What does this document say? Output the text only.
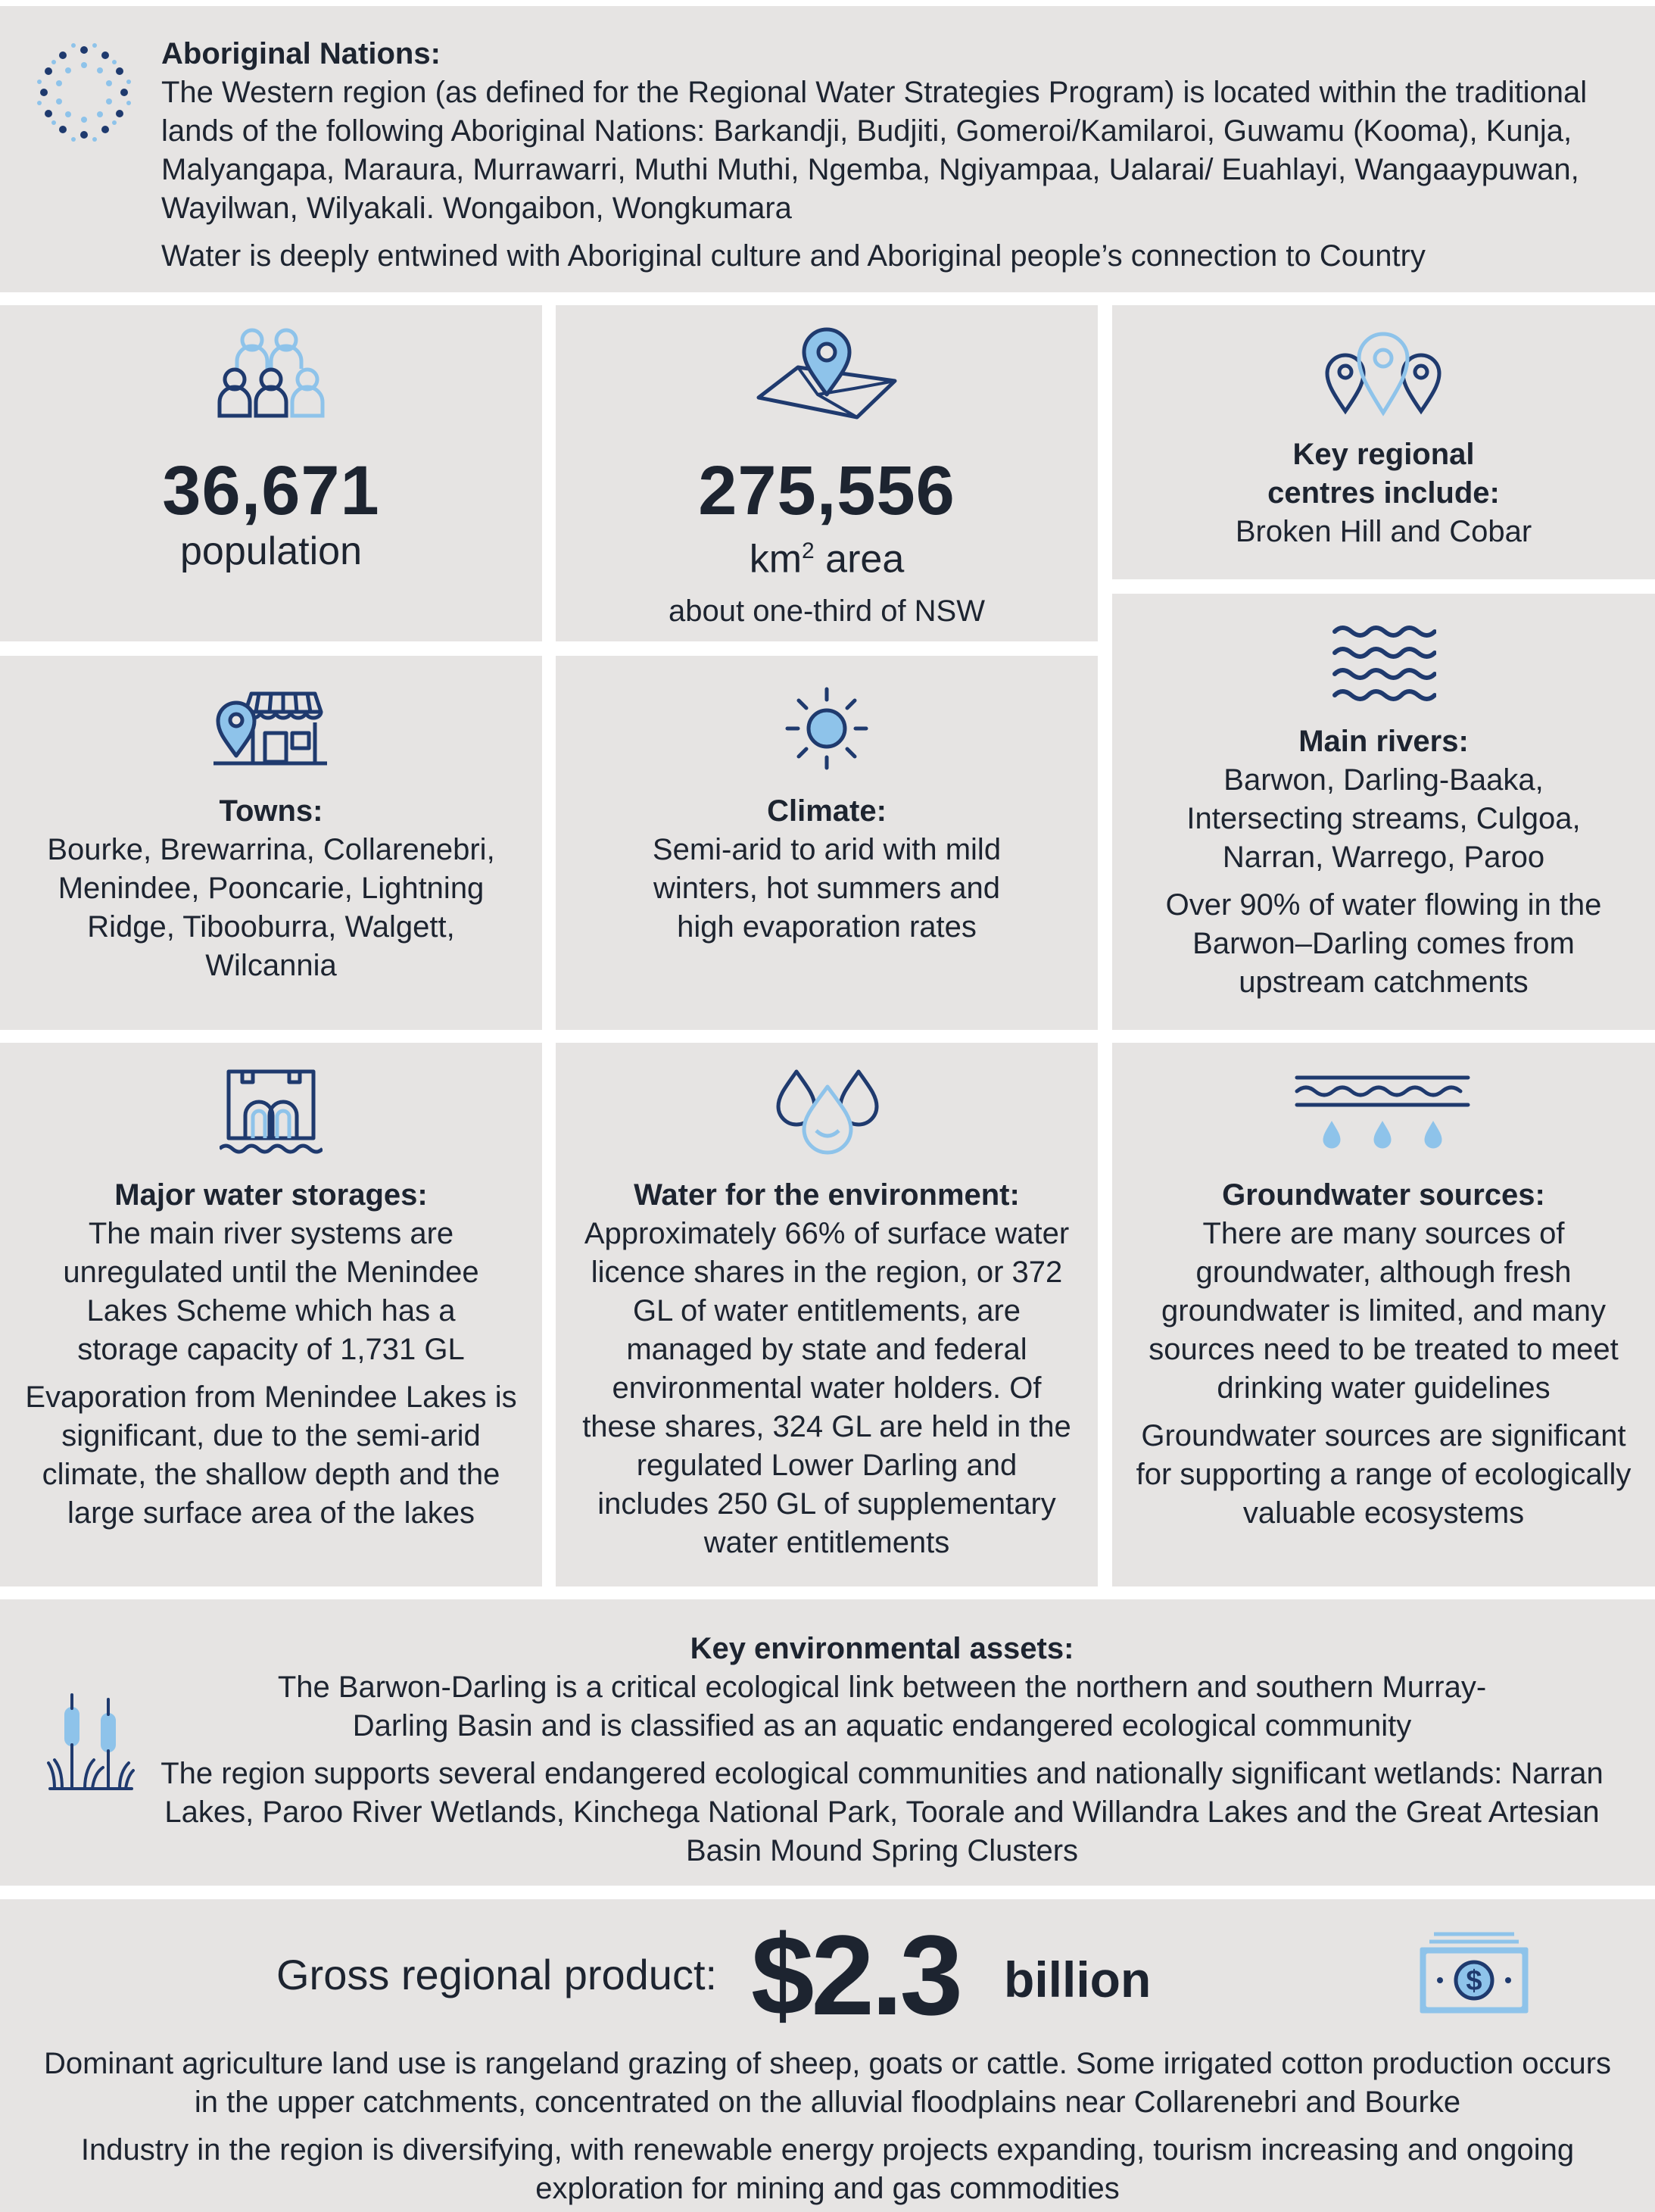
Aboriginal Nations:

The Western region (as defined for the Regional Water Strategies Program) is located within the traditional lands of the following Aboriginal Nations: Barkandji, Budjiti, Gomeroi/Kamilaroi, Guwamu (Kooma), Kunja, Malyangapa, Maraura, Murrawarri, Muthi Muthi, Ngemba, Ngiyampaa, Ualarai/ Euahlayi, Wangaaypuwan, Wayilwan, Wilyakali. Wongaibon, Wongkumara

Water is deeply entwined with Aboriginal culture and Aboriginal people’s connection to Country

36,671
population
275,556
$km^2$ area
about one-third of NSW

Key regional

centres include:

Broken Hill and Cobar

Towns:

Bourke, Brewarrina, Collarenebri, Menindee, Pooncarie, Lightning Ridge, Tibooburra, Walgett, Wilcannia

Climate:

Semi-arid to arid with mild winters, hot summers and high evaporation rates

Main rivers:

Barwon, Darling-Baaka, Intersecting streams, Culgoa, Narran, Warrego, Paroo

Over 90% of water flowing in the Barwon–Darling comes from upstream catchments

Major water storages:

The main river systems are unregulated until the Menindee Lakes Scheme which has a storage capacity of 1,731 GL

Evaporation from Menindee Lakes is significant, due to the semi-arid climate, the shallow depth and the large surface area of the lakes

Water for the environment:

Approximately 66% of surface water licence shares in the region, or 372 GL of water entitlements, are managed by state and federal environmental water holders. Of these shares, 324 GL are held in the regulated Lower Darling and includes 250 GL of supplementary water entitlements

Groundwater sources:

There are many sources of groundwater, although fresh groundwater is limited, and many sources need to be treated to meet drinking water guidelines

Groundwater sources are significant for supporting a range of ecologically valuable ecosystems

Key environmental assets:

The Barwon-Darling is a critical ecological link between the northern and southern Murray-Darling Basin and is classified as an aquatic endangered ecological community

The region supports several endangered ecological communities and nationally significant wetlands: Narran Lakes, Paroo River Wetlands, Kinchega National Park, Toorale and Willandra Lakes and the Great Artesian Basin Mound Spring Clusters

Gross regional product: $2.3 billion	$

Dominant agriculture land use is rangeland grazing of sheep, goats or cattle. Some irrigated cotton production occurs in the upper catchments, concentrated on the alluvial floodplains near Collarenebri and Bourke

Industry in the region is diversifying, with renewable energy projects expanding, tourism increasing and ongoing exploration for mining and gas commodities
